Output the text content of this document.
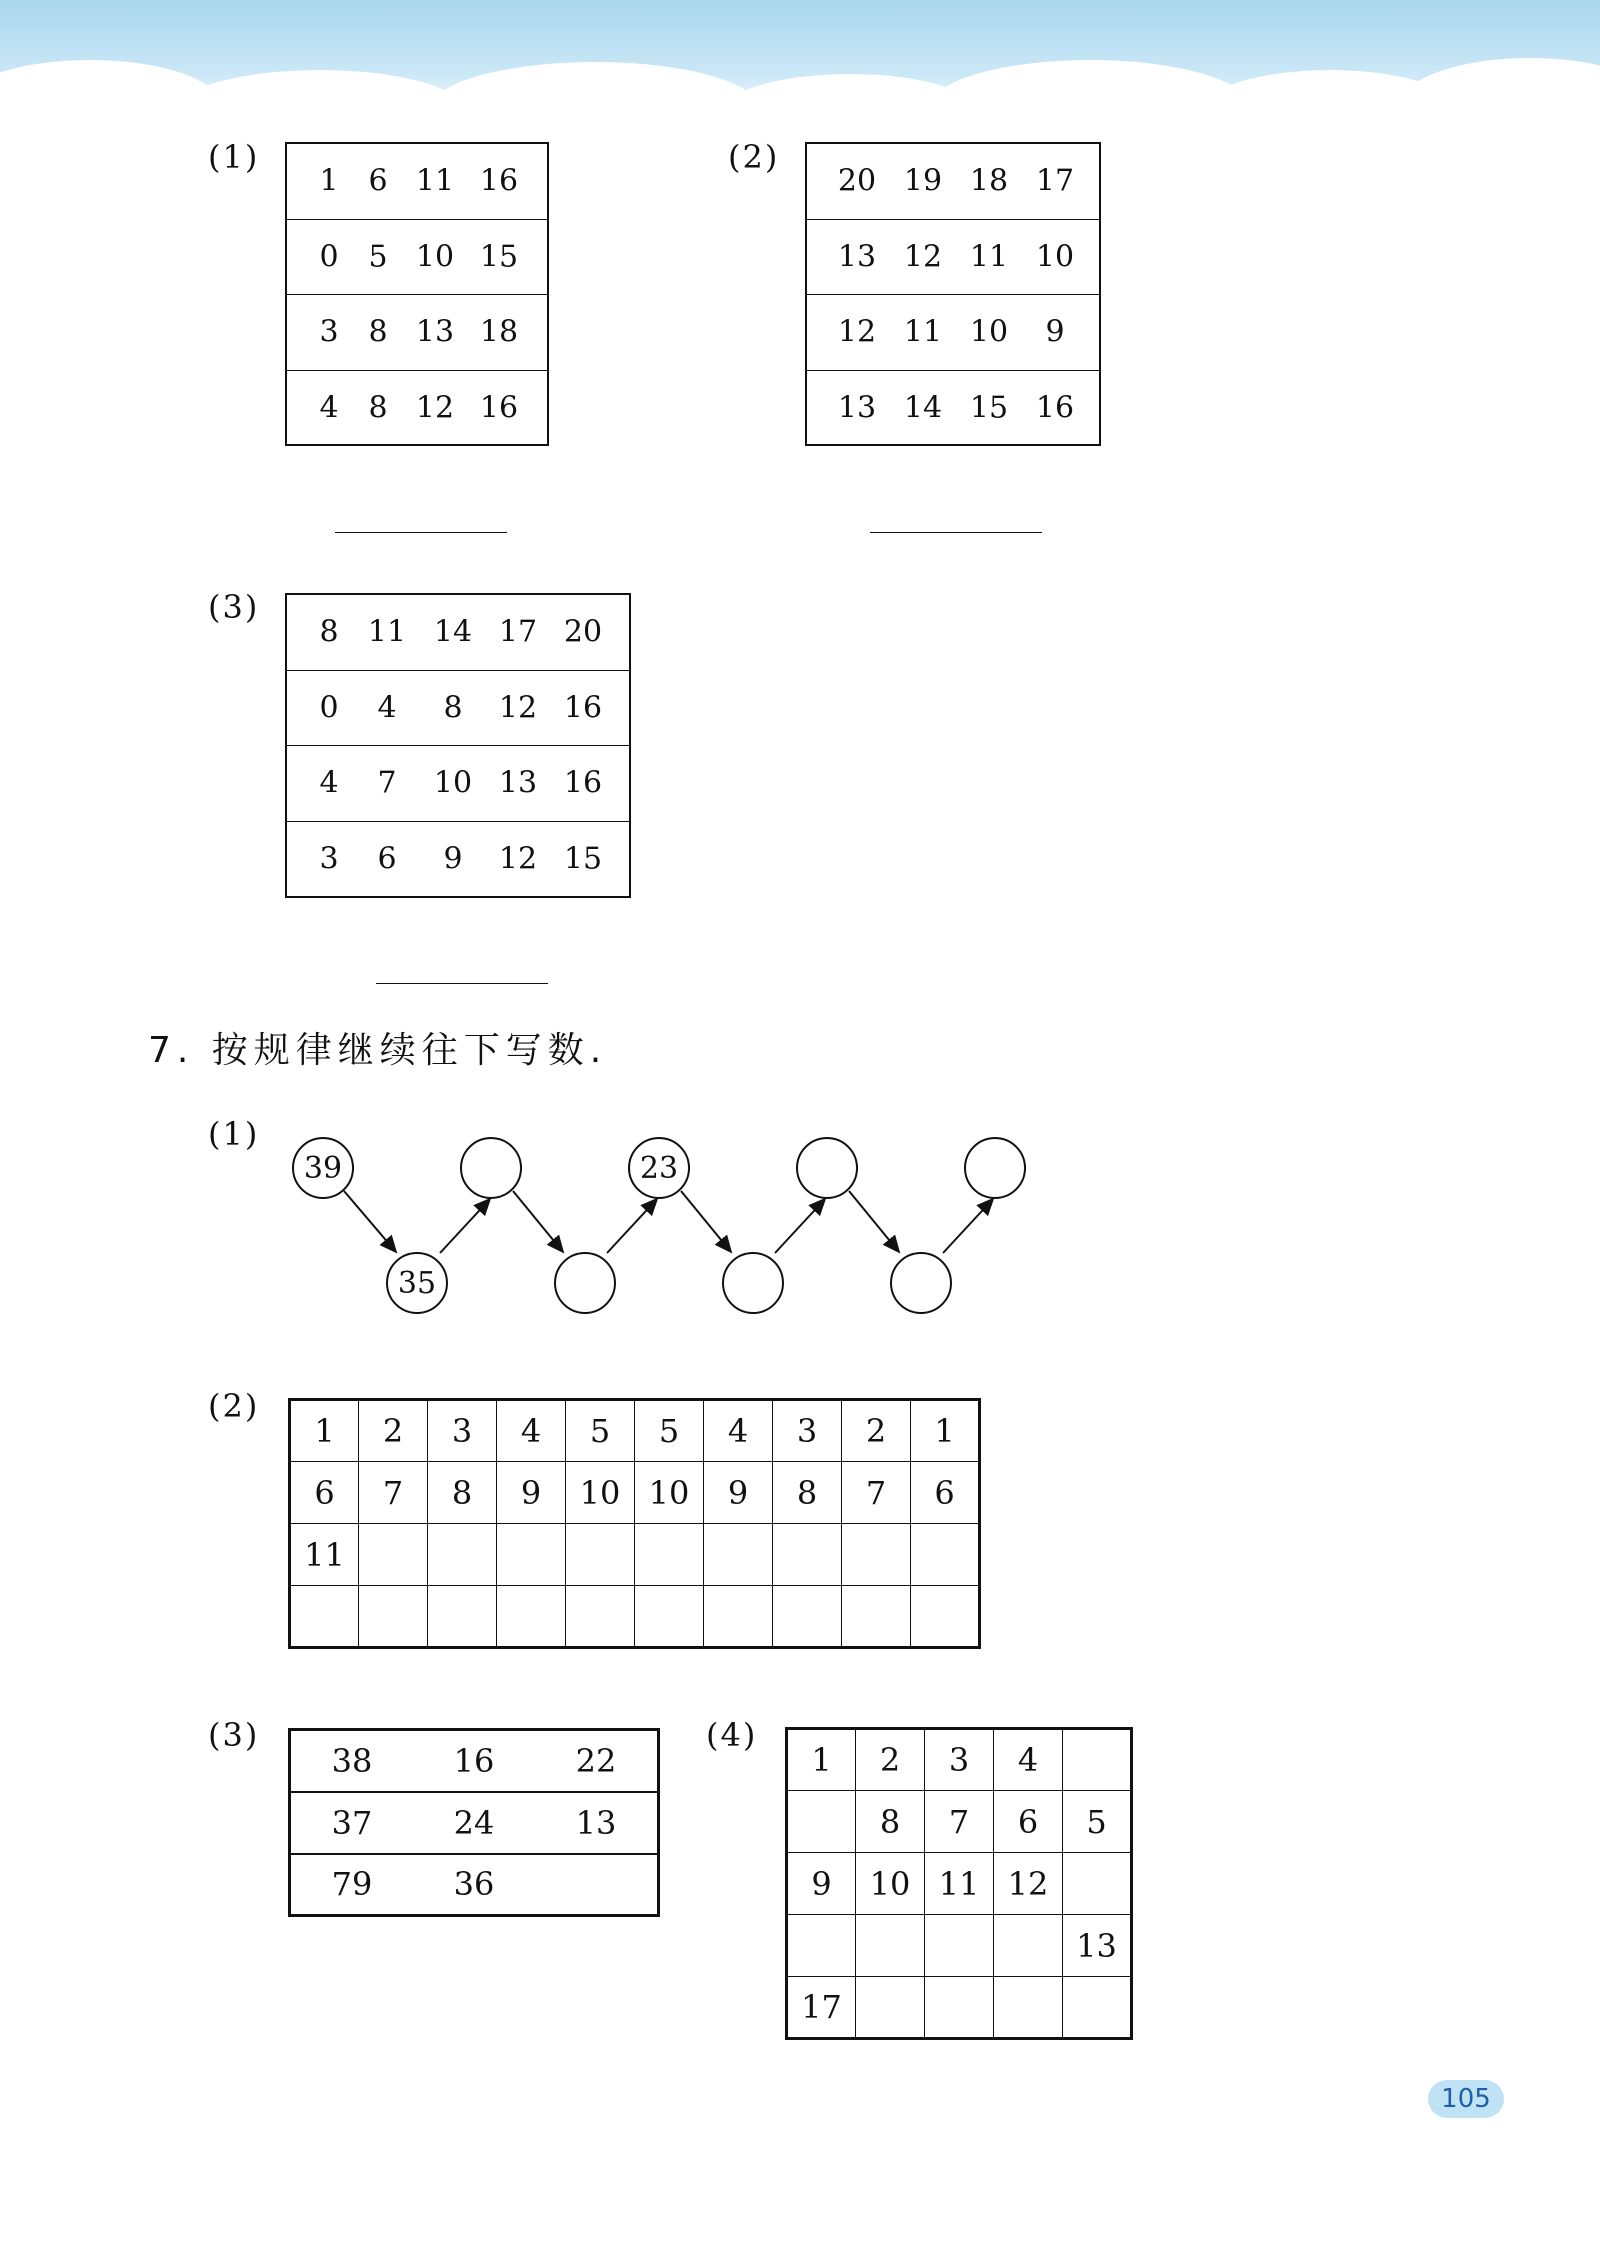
(1)
1 6 11 16
0 5 10 15
3 8 13 18
4 8 12 16
(2)
20 19 18 17
13 12 11 10
12 11 10 9
13 14 15 16
(3)
8 11 14 17 20
0 4 8 12 16
4 7 10 13 16
3 6 9 12 15
7. 按规律继续往下写数.
(1)
39
35
23
(2)
1	2	3	4	5	5	4	3	2	1
6	7	8	9	10	10	9	8	7	6
11									

(3)
38	16	22
37	24	13
79	36	
(4)
1	2	3	4	
	8	7	6	5
9	10	11	12	
				13
17				
105
